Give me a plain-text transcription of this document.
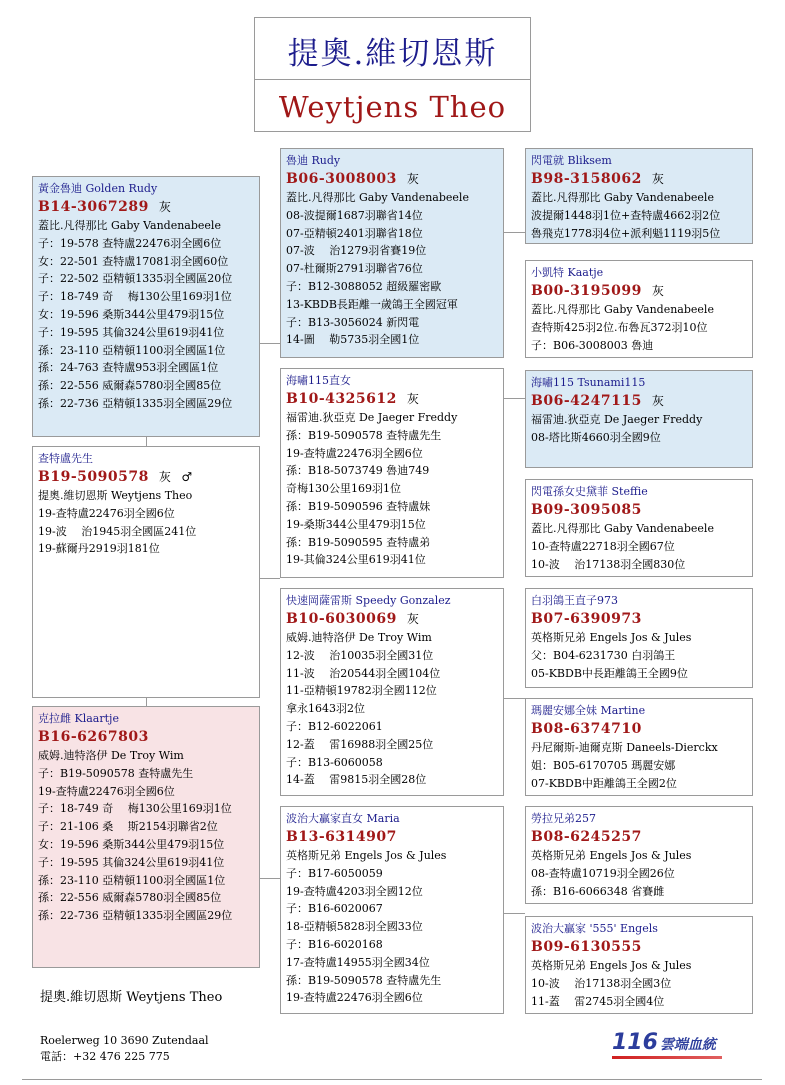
提奧.維切恩斯
Weytjens Theo
黃金魯迪 Golden Rudy
B14-3067289 灰
蓋比.凡得那比 Gaby Vandenabeele
子：19-578 查特盧22476羽全國6位
女：22-501 查特盧17081羽全國60位
子：22-502 亞精頓1335羽全國區20位
子：18-749 奇　 梅130公里169羽1位
女：19-596 桑斯344公里479羽15位
子：19-595 其倫324公里619羽41位
孫：23-110 亞精頓1100羽全國區1位
孫：24-763 查特盧953羽全國區1位
孫：22-556 威爾森5780羽全國85位
孫：22-736 亞精頓1335羽全國區29位
查特盧先生
B19-5090578 灰 ♂
提奧.維切恩斯 Weytjens Theo
19-查特盧22476羽全國6位
19-波　 治1945羽全國區241位
19-蘇爾丹2919羽181位
克拉雌 Klaartje
B16-6267803
威姆.迪特洛伊 De Troy Wim
子：B19-5090578 查特盧先生
19-查特盧22476羽全國6位
子：18-749 奇　 梅130公里169羽1位
子：21-106 桑　 斯2154羽聯省2位
女：19-596 桑斯344公里479羽15位
子：19-595 其倫324公里619羽41位
孫：23-110 亞精頓1100羽全國區1位
孫：22-556 威爾森5780羽全國85位
孫：22-736 亞精頓1335羽全國區29位
魯迪 Rudy
B06-3008003 灰
蓋比.凡得那比 Gaby Vandenabeele
08-波提爾1687羽聯省14位
07-亞精頓2401羽聯省18位
07-波　 治1279羽省賽19位
07-杜爾斯2791羽聯省76位
子：B12-3088052 超級羅密歐
13-KBDB長距離一歲鴿王全國冠軍
子：B13-3056024 新閃電
14-圖　 勒5735羽全國1位
海嘯115直女
B10-4325612 灰
福雷迪.狄亞克 De Jaeger Freddy
孫：B19-5090578 查特盧先生
19-查特盧22476羽全國6位
孫：B18-5073749 魯迪749
奇梅130公里169羽1位
孫：B19-5090596 查特盧妹
19-桑斯344公里479羽15位
孫：B19-5090595 查特盧弟
19-其倫324公里619羽41位
快速岡薩雷斯 Speedy Gonzalez
B10-6030069 灰
威姆.迪特洛伊 De Troy Wim
12-波　 治10035羽全國31位
11-波　 治20544羽全國104位
11-亞精頓19782羽全國112位
拿永1643羽2位
子：B12-6022061
12-蓋　 雷16988羽全國25位
子：B13-6060058
14-蓋　 雷9815羽全國28位
波治大贏家直女 Maria
B13-6314907
英格斯兄弟 Engels Jos & Jules
子：B17-6050059
19-查特盧4203羽全國12位
子：B16-6020067
18-亞精頓5828羽全國33位
子：B16-6020168
17-查特盧14955羽全國34位
孫：B19-5090578 查特盧先生
19-查特盧22476羽全國6位
閃電就 Bliksem
B98-3158062 灰
蓋比.凡得那比 Gaby Vandenabeele
波提爾1448羽1位+查特盧4662羽2位
魯飛克1778羽4位+派利魁1119羽5位
小凱特 Kaatje
B00-3195099 灰
蓋比.凡得那比 Gaby Vandenabeele
查特斯425羽2位.布魯瓦372羽10位
子：B06-3008003 魯迪
海嘯115 Tsunami115
B06-4247115 灰
福雷迪.狄亞克 De Jaeger Freddy
08-塔比斯4660羽全國9位
閃電孫女史黛菲 Steffie
B09-3095085
蓋比.凡得那比 Gaby Vandenabeele
10-查特盧22718羽全國67位
10-波　 治17138羽全國830位
白羽鴿王直子973
B07-6390973
英格斯兄弟 Engels Jos & Jules
父：B04-6231730 白羽鴿王
05-KBDB中長距離鴿王全國9位
瑪麗安娜全妹 Martine
B08-6374710
丹尼爾斯-迪爾克斯 Daneels-Dierckx
姐：B05-6170705 瑪麗安娜
07-KBDB中距離鴿王全國2位
勞拉兄弟257
B08-6245257
英格斯兄弟 Engels Jos & Jules
08-查特盧10719羽全國26位
孫：B16-6066348 省賽雌
波治大贏家 '555' Engels
B09-6130555
英格斯兄弟 Engels Jos & Jules
10-波　 治17138羽全國3位
11-蓋　 雷2745羽全國4位
提奧.維切恩斯 Weytjens Theo
Roelerweg 10 3690 Zutendaal
電話：+32 476 225 775
116 雲端血統
